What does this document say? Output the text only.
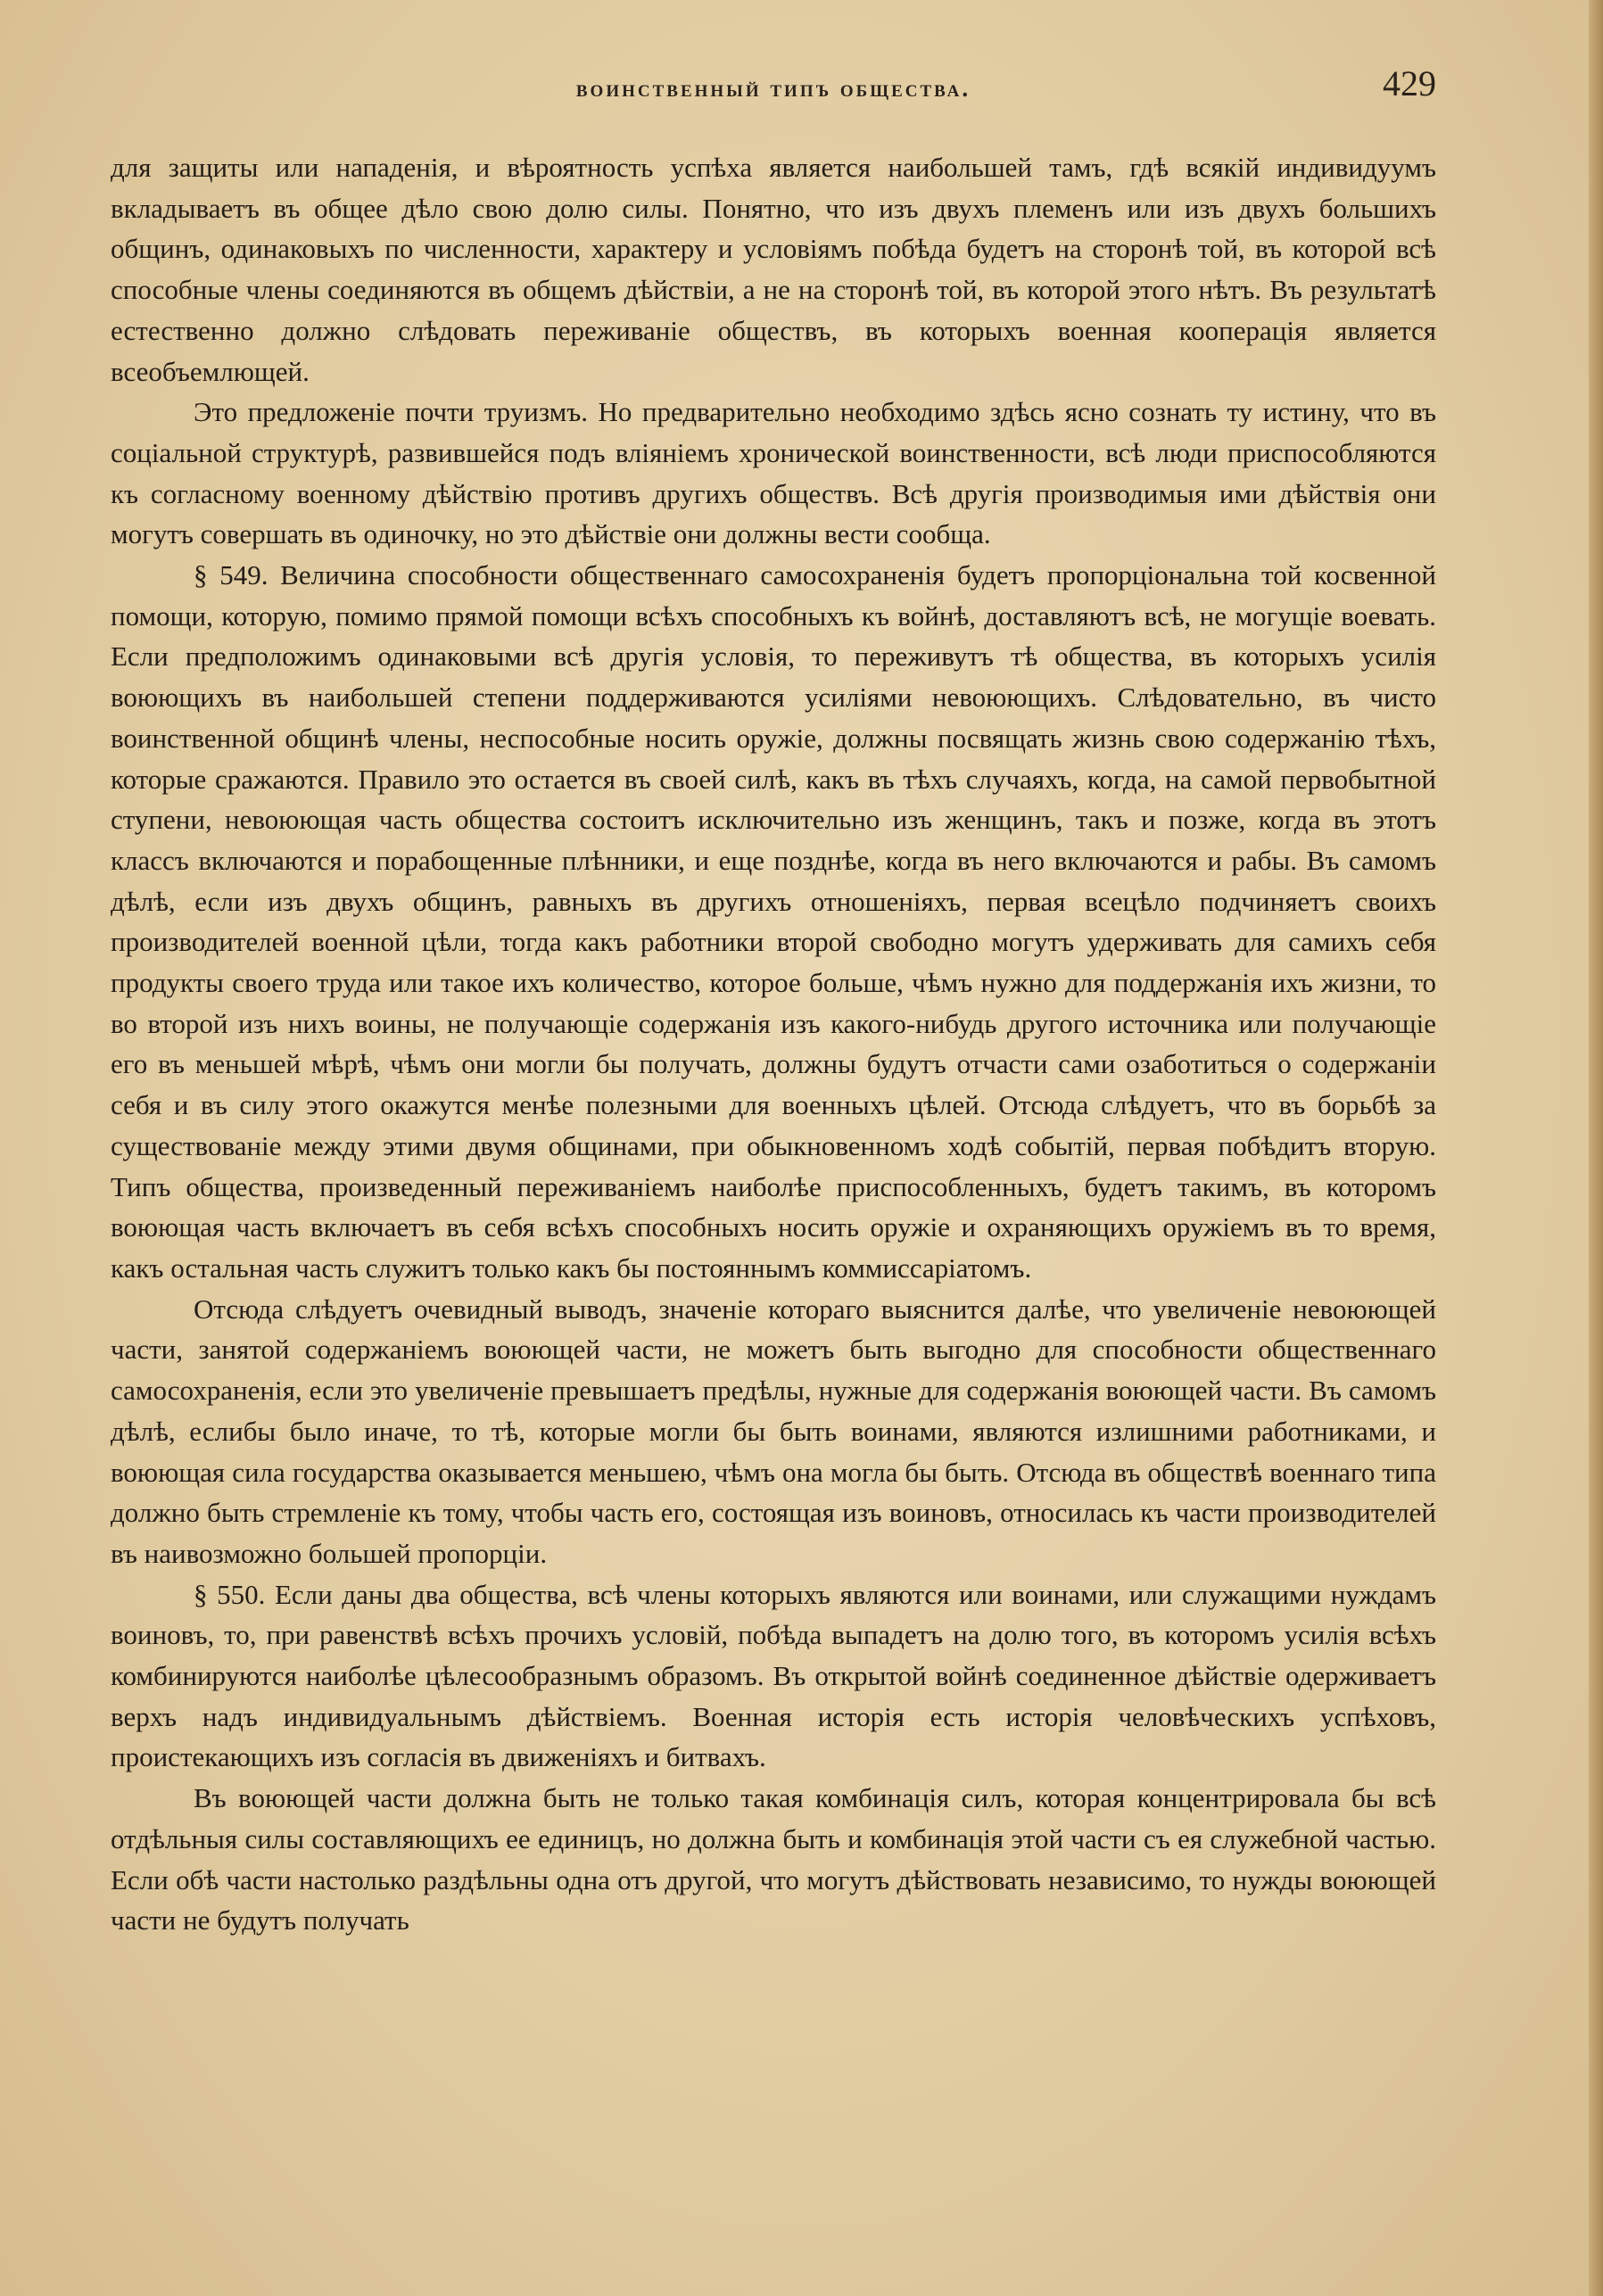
воинственный типъ общества.	429

для защиты или нападенія, и вѣроятность успѣха является наибольшей тамъ, гдѣ всякій индивидуумъ вкладываетъ въ общее дѣло свою долю силы. Понятно, что изъ двухъ племенъ или изъ двухъ большихъ общинъ, одинаковыхъ по численности, характеру и условіямъ побѣда будетъ на сторонѣ той, въ которой всѣ способные члены соединяются въ общемъ дѣйствіи, а не на сторонѣ той, въ которой этого нѣтъ. Въ результатѣ естественно должно слѣдовать переживаніе обществъ, въ которыхъ военная кооперація является всеобъемлющей.

Это предложеніе почти труизмъ. Но предварительно необходимо здѣсь ясно сознать ту истину, что въ соціальной структурѣ, развившейся подъ вліяніемъ хронической воинственности, всѣ люди приспособляются къ согласному военному дѣйствію противъ другихъ обществъ. Всѣ другія производимыя ими дѣйствія они могутъ совершать въ одиночку, но это дѣйствіе они должны вести сообща.

§ 549. Величина способности общественнаго самосохраненія будетъ пропорціональна той косвенной помощи, которую, помимо прямой помощи всѣхъ способныхъ къ войнѣ, доставляютъ всѣ, не могущіе воевать. Если предположимъ одинаковыми всѣ другія условія, то переживутъ тѣ общества, въ которыхъ усилія воюющихъ въ наибольшей степени поддерживаются усиліями невоюющихъ. Слѣдовательно, въ чисто воинственной общинѣ члены, неспособные носить оружіе, должны посвящать жизнь свою содержанію тѣхъ, которые сражаются. Правило это остается въ своей силѣ, какъ въ тѣхъ случаяхъ, когда, на самой первобытной ступени, невоюющая часть общества состоитъ исключительно изъ женщинъ, такъ и позже, когда въ этотъ классъ включаются и порабощенные плѣнники, и еще позднѣе, когда въ него включаются и рабы. Въ самомъ дѣлѣ, если изъ двухъ общинъ, равныхъ въ другихъ отношеніяхъ, первая всецѣло подчиняетъ своихъ производителей военной цѣли, тогда какъ работники второй свободно могутъ удерживать для самихъ себя продукты своего труда или такое ихъ количество, которое больше, чѣмъ нужно для поддержанія ихъ жизни, то во второй изъ нихъ воины, не получающіе содержанія изъ какого-нибудь другого источника или получающіе его въ меньшей мѣрѣ, чѣмъ они могли бы получать, должны будутъ отчасти сами озаботиться о содержаніи себя и въ силу этого окажутся менѣе полезными для военныхъ цѣлей. Отсюда слѣдуетъ, что въ борьбѣ за существованіе между этими двумя общинами, при обыкновенномъ ходѣ событій, первая побѣдитъ вторую. Типъ общества, произведенный переживаніемъ наиболѣе приспособленныхъ, будетъ такимъ, въ которомъ воюющая часть включаетъ въ себя всѣхъ способныхъ носить оружіе и охраняющихъ оружіемъ въ то время, какъ остальная часть служитъ только какъ бы постояннымъ коммиссаріатомъ.

Отсюда слѣдуетъ очевидный выводъ, значеніе котораго выяснится далѣе, что увеличеніе невоюющей части, занятой содержаніемъ воюющей части, не можетъ быть выгодно для способности общественнаго самосохраненія, если это увеличеніе превышаетъ предѣлы, нужные для содержанія воюющей части. Въ самомъ дѣлѣ, еслибы было иначе, то тѣ, которые могли бы быть воинами, являются излишними работниками, и воюющая сила государства оказывается меньшею, чѣмъ она могла бы быть. Отсюда въ обществѣ военнаго типа должно быть стремленіе къ тому, чтобы часть его, состоящая изъ воиновъ, относилась къ части производителей въ наивозможно большей пропорціи.

§ 550. Если даны два общества, всѣ члены которыхъ являются или воинами, или служащими нуждамъ воиновъ, то, при равенствѣ всѣхъ прочихъ условій, побѣда выпадетъ на долю того, въ которомъ усилія всѣхъ комбинируются наиболѣе цѣлесообразнымъ образомъ. Въ открытой войнѣ соединенное дѣйствіе одерживаетъ верхъ надъ индивидуальнымъ дѣйствіемъ. Военная исторія есть исторія человѣческихъ успѣховъ, проистекающихъ изъ согласія въ движеніяхъ и битвахъ.

Въ воюющей части должна быть не только такая комбинація силъ, которая концентрировала бы всѣ отдѣльныя силы составляющихъ ее единицъ, но должна быть и комбинація этой части съ ея служебной частью. Если обѣ части настолько раздѣльны одна отъ другой, что могутъ дѣйствовать независимо, то нужды воюющей части не будутъ получать
